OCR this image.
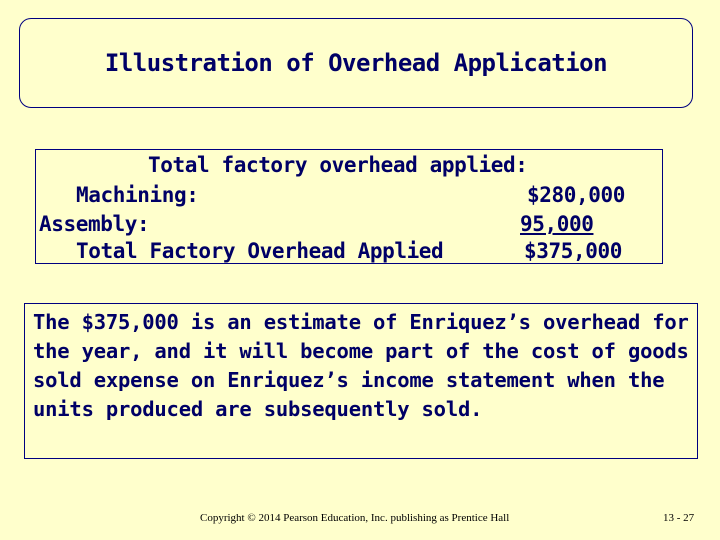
Illustration of Overhead Application
Total factory overhead applied:
Machining:	$280,000
Assembly:	95,000
Total Factory Overhead Applied	$375,000

The $375,000 is an estimate of Enriquez’s overhead for the year, and it will become part of the cost of goods sold expense on Enriquez’s income statement when the units produced are subsequently sold.

Copyright © 2014 Pearson Education, Inc. publishing as Prentice Hall	13 - 27
